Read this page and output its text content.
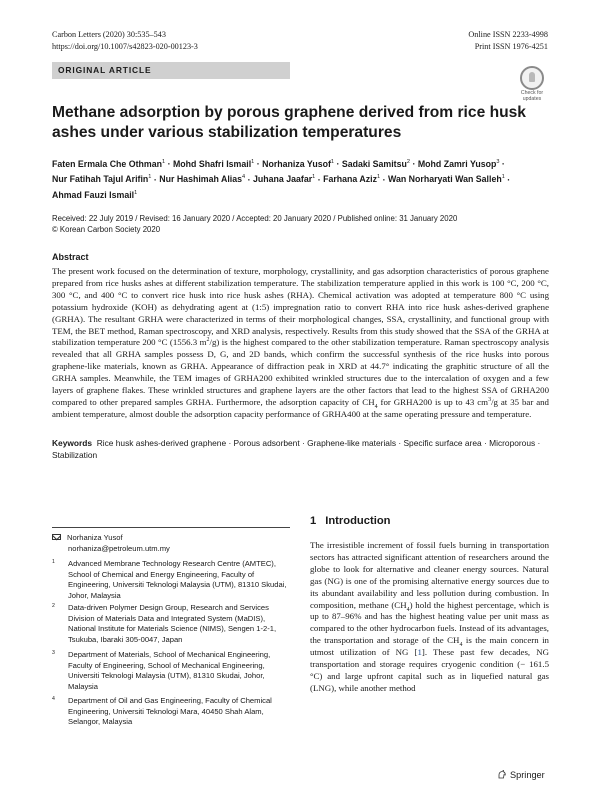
Carbon Letters (2020) 30:535–543
https://doi.org/10.1007/s42823-020-00123-3
Online ISSN 2233-4998
Print ISSN 1976-4251
ORIGINAL ARTICLE
Check for
updates
Methane adsorption by porous graphene derived from rice husk ashes under various stabilization temperatures
Faten Ermala Che Othman$^1$ · Mohd Shafri Ismail$^1$ · Norhaniza Yusof$^1$ · Sadaki Samitsu$^2$ · Mohd Zamri Yusop$^3$ ·
Nur Fatihah Tajul Arifin$^1$ · Nur Hashimah Alias$^4$ · Juhana Jaafar$^1$ · Farhana Aziz$^1$ · Wan Norharyati Wan Salleh$^1$ ·
Ahmad Fauzi Ismail$^1$
Received: 22 July 2019 / Revised: 16 January 2020 / Accepted: 20 January 2020 / Published online: 31 January 2020
© Korean Carbon Society 2020
Abstract
The present work focused on the determination of texture, morphology, crystallinity, and gas adsorption characteristics of porous graphene prepared from rice husks ashes at different stabilization temperature. The stabilization temperature applied in this work is 100 °C, 200 °C, 300 °C, and 400 °C to convert rice husk into rice husk ashes (RHA). Chemical activation was adopted at temperature 800 °C using potassium hydroxide (KOH) as dehydrating agent at (1:5) impregnation ratio to convert RHA into rice husk ashes-derived graphene (GRHA). The resultant GRHA were characterized in terms of their morphological changes, SSA, crystallinity, and functional group with TEM, the BET method, Raman spectroscopy, and XRD analysis, respectively. Results from this study showed that the SSA of the GRHA at stabilization temperature 200 °C (1556.3 $m^2/g$) is the highest compared to the other stabilization temperature. Raman spectroscopy analysis revealed that all GRHA samples possess D, G, and 2D bands, which confirm the successful synthesis of the rice husks into porous graphene-like materials, known as GRHA. Appearance of diffraction peak in XRD at 44.7° indicating the graphitic structure of all the GRHA samples. Meanwhile, the TEM images of GRHA200 exhibited wrinkled structures due to the intercalation of oxygen and a few layers of graphene flakes. These wrinkled structures and graphene layers are the other factors that lead to the highest SSA of GRHA200 compared to other prepared samples GRHA. Furthermore, the adsorption capacity of $CH_4$ for GRHA200 is up to 43 $cm^3/g$ at 35 bar and ambient temperature, almost double the adsorption capacity performance of GRHA400 at the same operating pressure and temperature.
Keywords Rice husk ashes-derived graphene · Porous adsorbent · Graphene-like materials · Specific surface area · Microporous · Stabilization
Norhaniza Yusof
norhaniza@petroleum.utm.my
1	Advanced Membrane Technology Research Centre (AMTEC), School of Chemical and Energy Engineering, Faculty of Engineering, Universiti Teknologi Malaysia (UTM), 81310 Skudai, Johor, Malaysia
2	Data-driven Polymer Design Group, Research and Services Division of Materials Data and Integrated System (MaDIS), National Institute for Materials Science (NIMS), Sengen 1-2-1, Tsukuba, Ibaraki 305-0047, Japan
3	Department of Materials, School of Mechanical Engineering, Faculty of Engineering, School of Mechanical Engineering, Universiti Teknologi Malaysia (UTM), 81310 Skudai, Johor, Malaysia
4	Department of Oil and Gas Engineering, Faculty of Chemical Engineering, Universiti Teknologi Mara, 40450 Shah Alam, Selangor, Malaysia
1 Introduction
The irresistible increment of fossil fuels burning in transportation sectors has attracted significant attention of researchers around the globe to look for alternative and cleaner energy sources. Natural gas (NG) is one of the promising alternative energy sources due to its abundant availability and less pollution during combustion. In composition, methane $(CH_4)$ hold the highest percentage, which is up to 87–96% and has the highest heating value per unit mass as compared to the other hydrocarbon fuels. Instead of its advantages, the transportation and storage of the $CH_4$ is the main concern in utmost utilization of NG [1]. These past few decades, NG transportation and storage requires cryogenic condition (− 161.5 °C) and large upfront capital such as in liquefied natural gas (LNG), while another method
Springer
